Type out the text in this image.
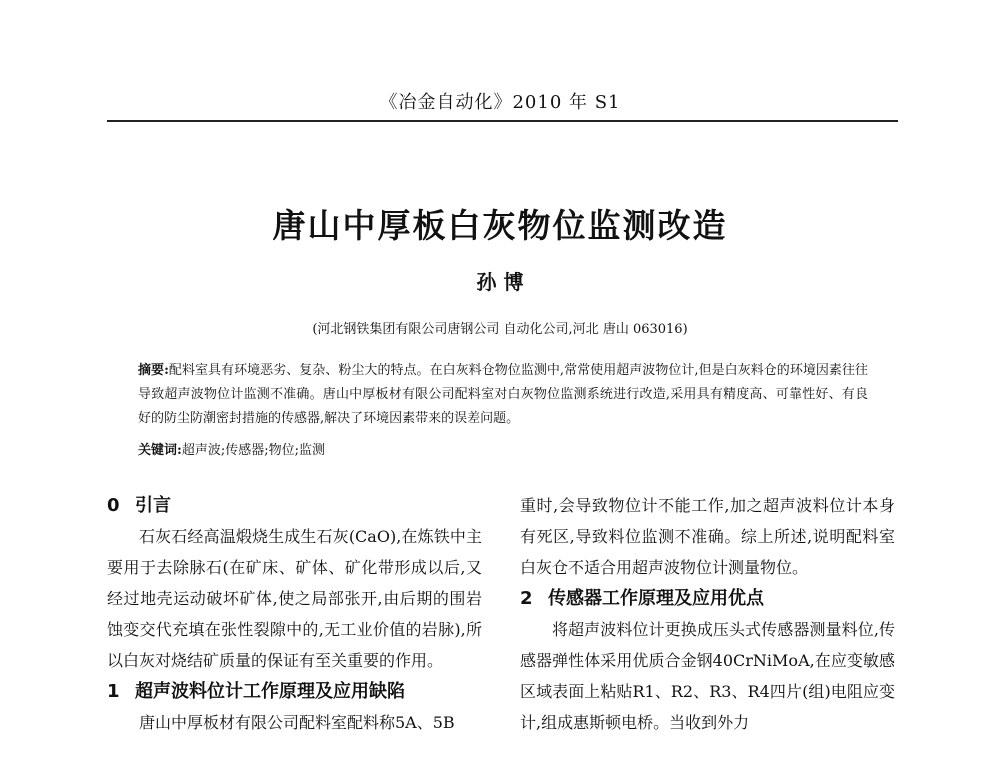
《冶金自动化》2010 年 S1
唐山中厚板白灰物位监测改造
孙 博
(河北钢铁集团有限公司唐钢公司 自动化公司,河北 唐山 063016)
摘要:配料室具有环境恶劣、复杂、粉尘大的特点。在白灰料仓物位监测中,常常使用超声波物位计,但是白灰料仓的环境因素往往导致超声波物位计监测不准确。唐山中厚板材有限公司配料室对白灰物位监测系统进行改造,采用具有精度高、可靠性好、有良好的防尘防潮密封措施的传感器,解决了环境因素带来的误差问题。
关键词:超声波;传感器;物位;监测
0 引言

石灰石经高温煅烧生成生石灰(CaO),在炼铁中主要用于去除脉石(在矿床、矿体、矿化带形成以后,又经过地壳运动破坏矿体,使之局部张开,由后期的围岩蚀变交代充填在张性裂隙中的,无工业价值的岩脉),所以白灰对烧结矿质量的保证有至关重要的作用。

1 超声波料位计工作原理及应用缺陷

唐山中厚板材有限公司配料室配料称5A、5B

重时,会导致物位计不能工作,加之超声波料位计本身有死区,导致料位监测不准确。综上所述,说明配料室白灰仓不适合用超声波物位计测量物位。

2 传感器工作原理及应用优点

将超声波料位计更换成压头式传感器测量料位,传感器弹性体采用优质合金钢40CrNiMoA,在应变敏感区域表面上粘贴R1、R2、R3、R4四片(组)电阻应变计,组成惠斯顿电桥。当收到外力
